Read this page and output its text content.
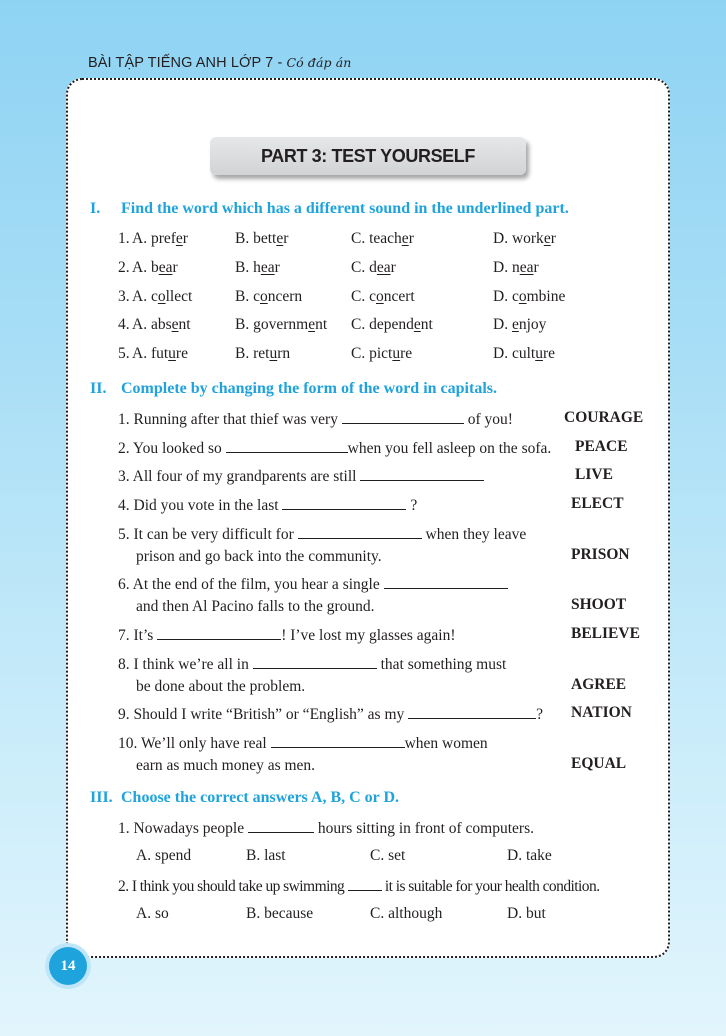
BÀI TẬP TIẾNG ANH LỚP 7 - Có đáp án
PART 3: TEST YOURSELF
I. Find the word which has a different sound in the underlined part.
1. A. prefer	B. better	C. teacher	D. worker
2. A. bear	B. hear	C. dear	D. near
3. A. collect	B. concern	C. concert	D. combine
4. A. absent	B. government C. dependent	D. enjoy
5. A. future	B. return	C. picture	D. culture
II. Complete by changing the form of the word in capitals.
1. Running after that thief was very	of you!	COURAGE
2. You looked so	when you fell asleep on the sofa. PEACE
3. All four of my grandparents are still	LIVE
4. Did you vote in the last	?	ELECT
5. It can be very difficult for	when they leave
prison and go back into the community.	PRISON
6. At the end of the film, you hear a single
and then Al Pacino falls to the ground.	SHOOT
7. It’s	! I’ve lost my glasses again!	BELIEVE
8. I think we’re all in	that something must
be done about the problem.	AGREE
9. Should I write “British” or “English” as my	? NATION
10. We’ll only have real	when women
earn as much money as men.	EQUAL
III. Choose the correct answers A, B, C or D.
1. Nowadays people	hours sitting in front of computers.
A. spend	B. last	C. set	D. take
2. I think you should take up swimming  it is suitable for your health condition.
A. so	B. because	C. although	D. but
14
